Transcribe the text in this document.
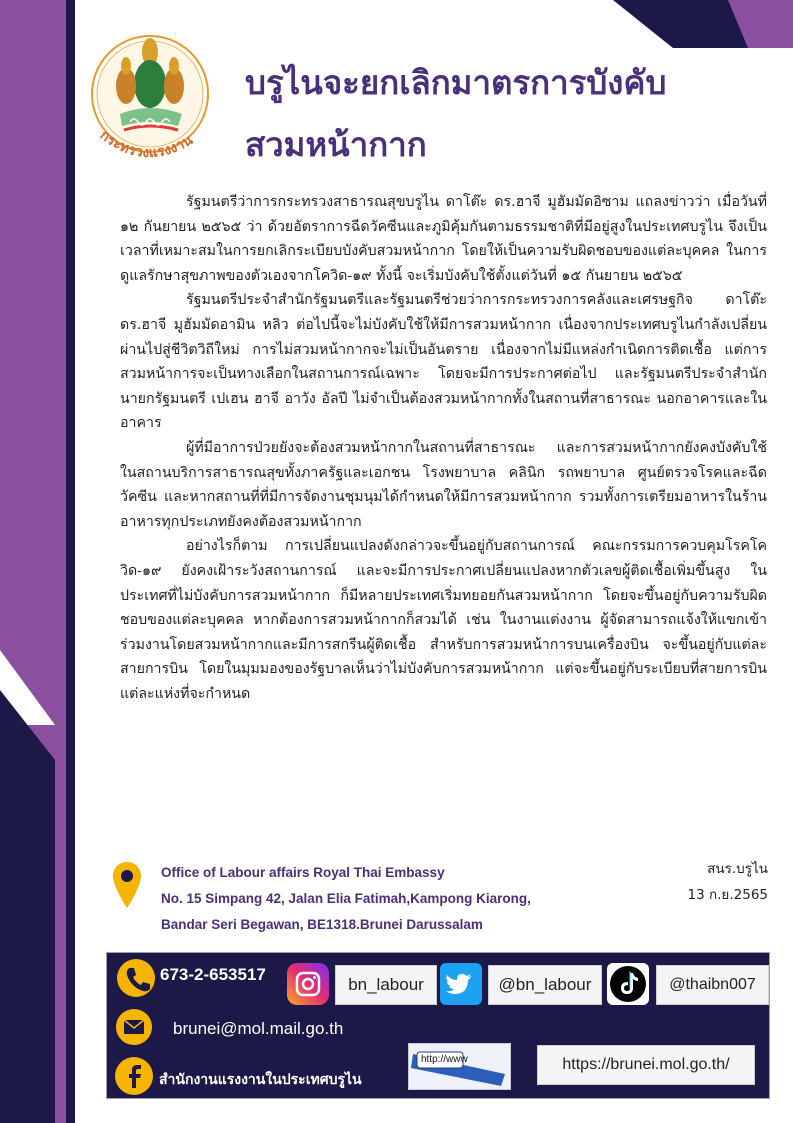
กระทรวงแรงงาน
บรูไนจะยกเลิกมาตรการบังคับ
สวมหน้ากาก

รัฐมนตรีว่าการกระทรวงสาธารณสุขบรูไน ดาโต๊ะ ดร.ฮาจี มูฮัมมัดอิซาม แถลงข่าวว่า เมื่อวันที่ ๑๒ กันยายน ๒๕๖๕ ว่า ด้วยอัตราการฉีดวัคซีนและภูมิคุ้มกันตามธรรมชาติที่มีอยู่สูงในประเทศบรูไน จึงเป็นเวลาที่เหมาะสมในการยกเลิกระเบียบบังคับสวมหน้ากาก โดยให้เป็นความรับผิดชอบของแต่ละบุคคล ในการดูแลรักษาสุขภาพของตัวเองจากโควิด-๑๙ ทั้งนี้ จะเริ่มบังคับใช้ตั้งแต่วันที่ ๑๕ กันยายน ๒๕๖๕

รัฐมนตรีประจำสำนักรัฐมนตรีและรัฐมนตรีช่วยว่าการกระทรวงการคลังและเศรษฐกิจ ดาโต๊ะ ดร.ฮาจี มูฮัมมัดอามิน หลิว ต่อไปนี้จะไม่บังคับใช้ให้มีการสวมหน้ากาก เนื่องจากประเทศบรูไนกำลังเปลี่ยนผ่านไปสู่ชีวิตวิถีใหม่ การไม่สวมหน้ากากจะไม่เป็นอันตราย เนื่องจากไม่มีแหล่งกำเนิดการติดเชื้อ แต่การสวมหน้าการจะเป็นทางเลือกในสถานการณ์เฉพาะ โดยจะมีการประกาศต่อไป และรัฐมนตรีประจำสำนักนายกรัฐมนตรี เปเฮน ฮาจี อาวัง อัลปี ไม่จำเป็นต้องสวมหน้ากากทั้งในสถานที่สาธารณะ นอกอาคารและในอาคาร

ผู้ที่มีอาการป่วยยังจะต้องสวมหน้ากากในสถานที่สาธารณะ และการสวมหน้ากากยังคงบังคับใช้ในสถานบริการสาธารณสุขทั้งภาครัฐและเอกชน โรงพยาบาล คลินิก รถพยาบาล ศูนย์ตรวจโรคและฉีดวัคซีน และหากสถานที่ที่มีการจัดงานชุมนุมได้กำหนดให้มีการสวมหน้ากาก รวมทั้งการเตรียมอาหารในร้านอาหารทุกประเภทยังคงต้องสวมหน้ากาก

อย่างไรก็ตาม การเปลี่ยนแปลงดังกล่าวจะขึ้นอยู่กับสถานการณ์ คณะกรรมการควบคุมโรคโควิด-๑๙ ยังคงเฝ้าระวังสถานการณ์ และจะมีการประกาศเปลี่ยนแปลงหากตัวเลขผู้ติดเชื้อเพิ่มขึ้นสูง ในประเทศที่ไม่บังคับการสวมหน้ากาก ก็มีหลายประเทศเริ่มทยอยกันสวมหน้ากาก โดยจะขึ้นอยู่กับความรับผิดชอบของแต่ละบุคคล หากต้องการสวมหน้ากากก็สวมได้ เช่น ในงานแต่งงาน ผู้จัดสามารถแจ้งให้แขกเข้าร่วมงานโดยสวมหน้ากากและมีการสกรีนผู้ติดเชื้อ สำหรับการสวมหน้าการบนเครื่องบิน จะขึ้นอยู่กับแต่ละสายการบิน โดยในมุมมองของรัฐบาลเห็นว่าไม่บังคับการสวมหน้ากาก แต่จะขึ้นอยู่กับระเบียบที่สายการบินแต่ละแห่งที่จะกำหนด

Office of Labour affairs Royal Thai Embassy
No. 15 Simpang 42, Jalan Elia Fatimah,Kampong Kiarong,
Bandar Seri Begawan, BE1318.Brunei Darussalam
สนร.บรูไน
13 ก.ย.2565
673-2-653517
bn_labour	@bn_labour	@thaibn007
brunei@mol.mail.go.th
สำนักงานแรงงานในประเทศบรูไน
http://www	https://brunei.mol.go.th/
